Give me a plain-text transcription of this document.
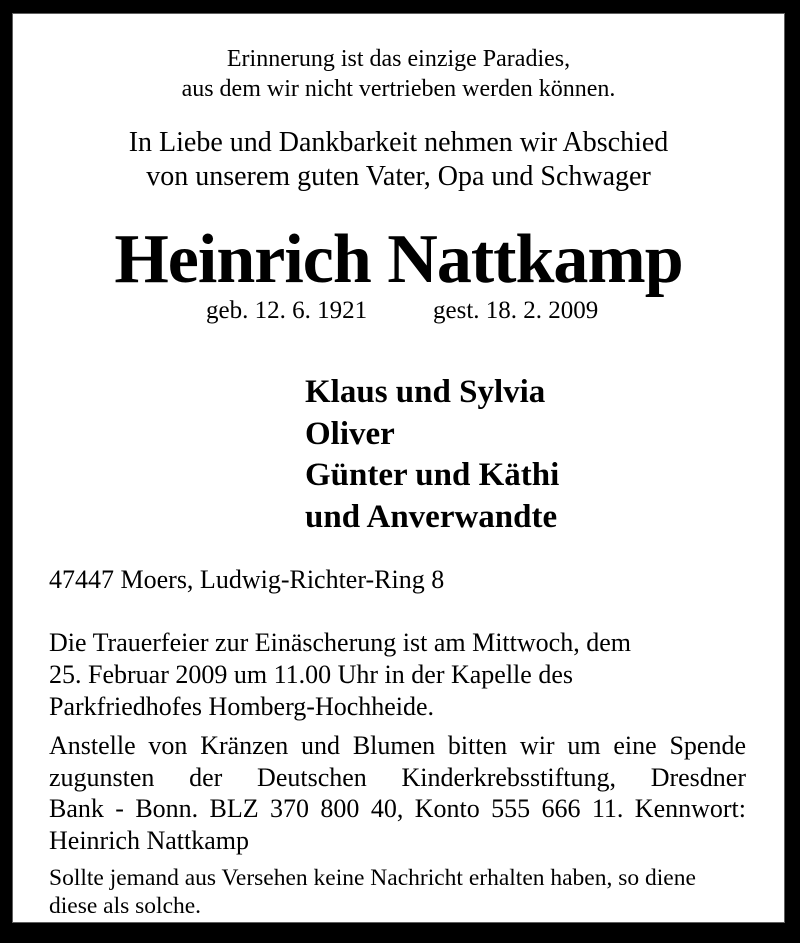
Erinnerung ist das einzige Paradies,
aus dem wir nicht vertrieben werden können.
In Liebe und Dankbarkeit nehmen wir Abschied
von unserem guten Vater, Opa und Schwager
Heinrich Nattkamp
geb. 12. 6. 1921	gest. 18. 2. 2009
Klaus und Sylvia
Oliver
Günter und Käthi
und Anverwandte
47447 Moers, Ludwig-Richter-Ring 8
Die Trauerfeier zur Einäscherung ist am Mittwoch, dem
25. Februar 2009 um 11.00 Uhr in der Kapelle des
Parkfriedhofes Homberg-Hochheide.
Anstelle von Kränzen und Blumen bitten wir um eine Spende
zugunsten der Deutschen Kinderkrebsstiftung, Dresdner
Bank - Bonn. BLZ 370 800 40, Konto 555 666 11. Kennwort:
Heinrich Nattkamp
Sollte jemand aus Versehen keine Nachricht erhalten haben, so diene
diese als solche.
